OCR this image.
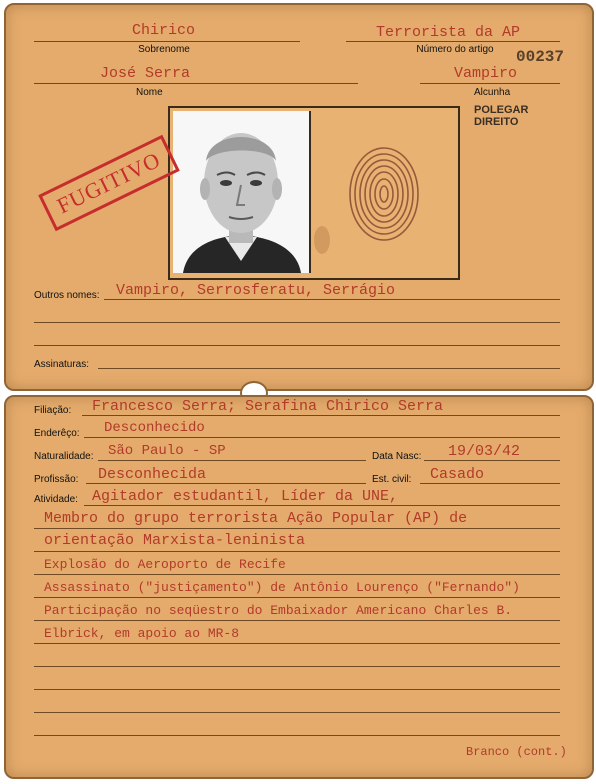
Chirico
Sobrenome
Terrorista da AP
Número do artigo	00237
José Serra
Nome
Vampiro
Alcunha
POLEGAR
DIREITO
FUGITIVO
Outros nomes: Vampiro, Serrosferatu, Serrágio
Assinaturas:
Filiação: Francesco Serra; Serafina Chirico Serra
Enderêço: Desconhecido
Naturalidade: São Paulo - SP	Data Nasc: 19/03/42
Profissão: Desconhecida	Est. civil: Casado
Atividade: Agitador estudantil, Líder da UNE,
Membro do grupo terrorista Ação Popular (AP) de
orientação Marxista-leninista
Explosão do Aeroporto de Recife
Assassinato ("justiçamento") de Antônio Lourenço ("Fernando")
Participação no seqüestro do Embaixador Americano Charles B.
Elbrick, em apoio ao MR-8
Branco (cont.)
